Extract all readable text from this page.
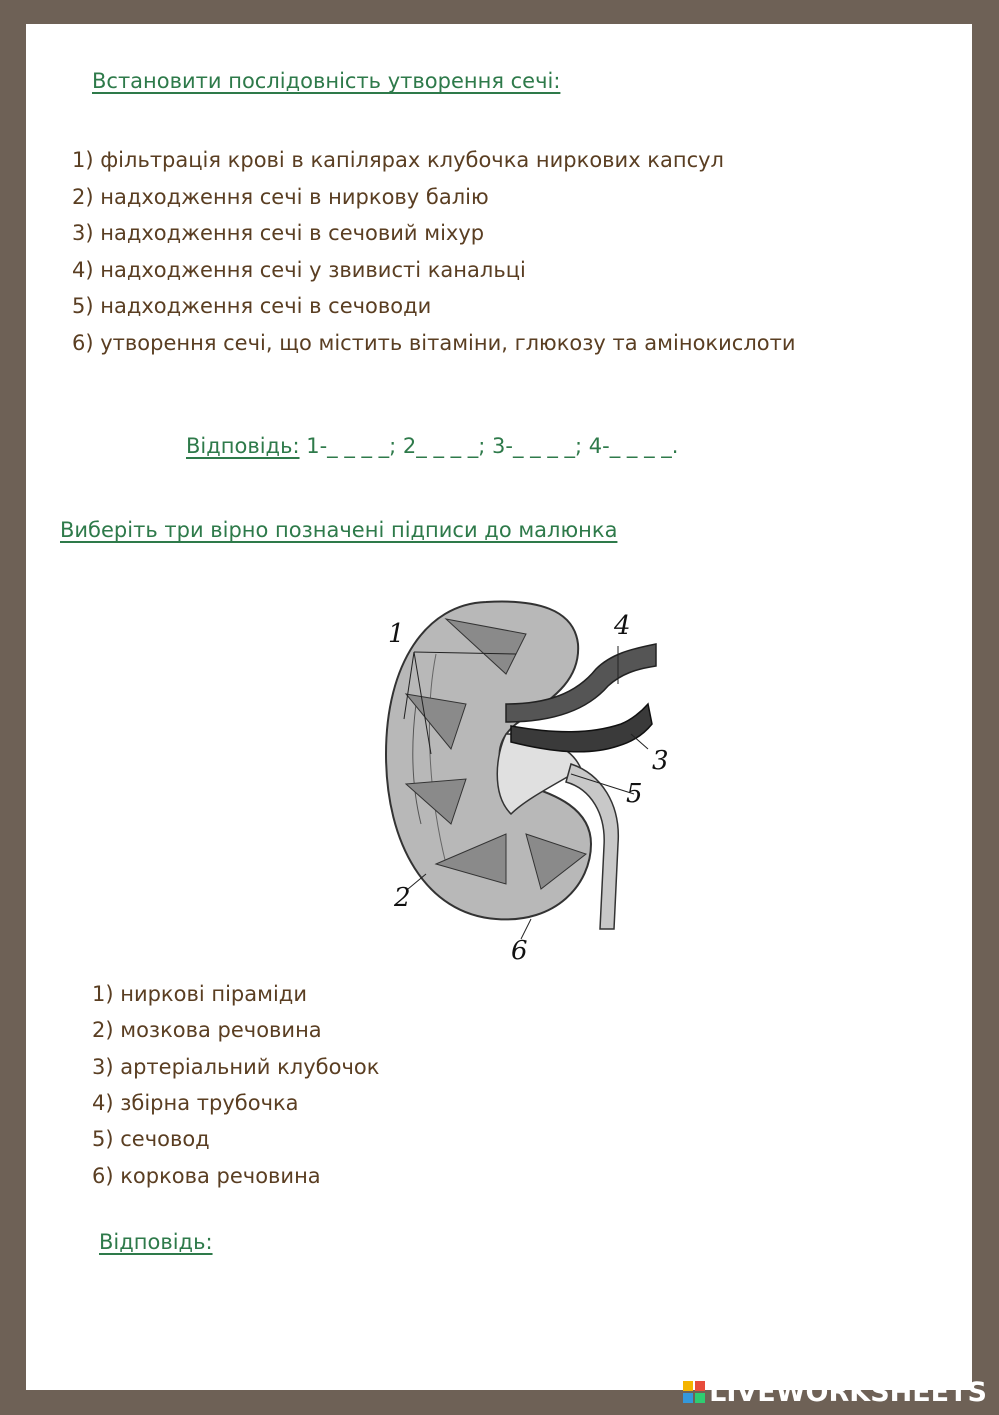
Встановити послідовність утворення сечі:
1) фільтрація крові в капілярах клубочка ниркових капсул
2) надходження сечі в ниркову балію
3) надходження сечі в сечовий міхур
4) надходження сечі у звивисті канальці
5) надходження сечі в сечоводи
6) утворення сечі, що містить вітаміни, глюкозу та амінокислоти
Відповідь: 1-_ _ _ _; 2_ _ _ _; 3-_ _ _ _; 4-_ _ _ _.
Виберіть три вірно позначені підписи до малюнка
1
2
3
4
5
6
1) ниркові піраміди
2) мозкова речовина
3) артеріальний клубочок
4) збірна трубочка
5) сечовод
6) коркова речовина
Відповідь:
LIVEWORKSHEETS
